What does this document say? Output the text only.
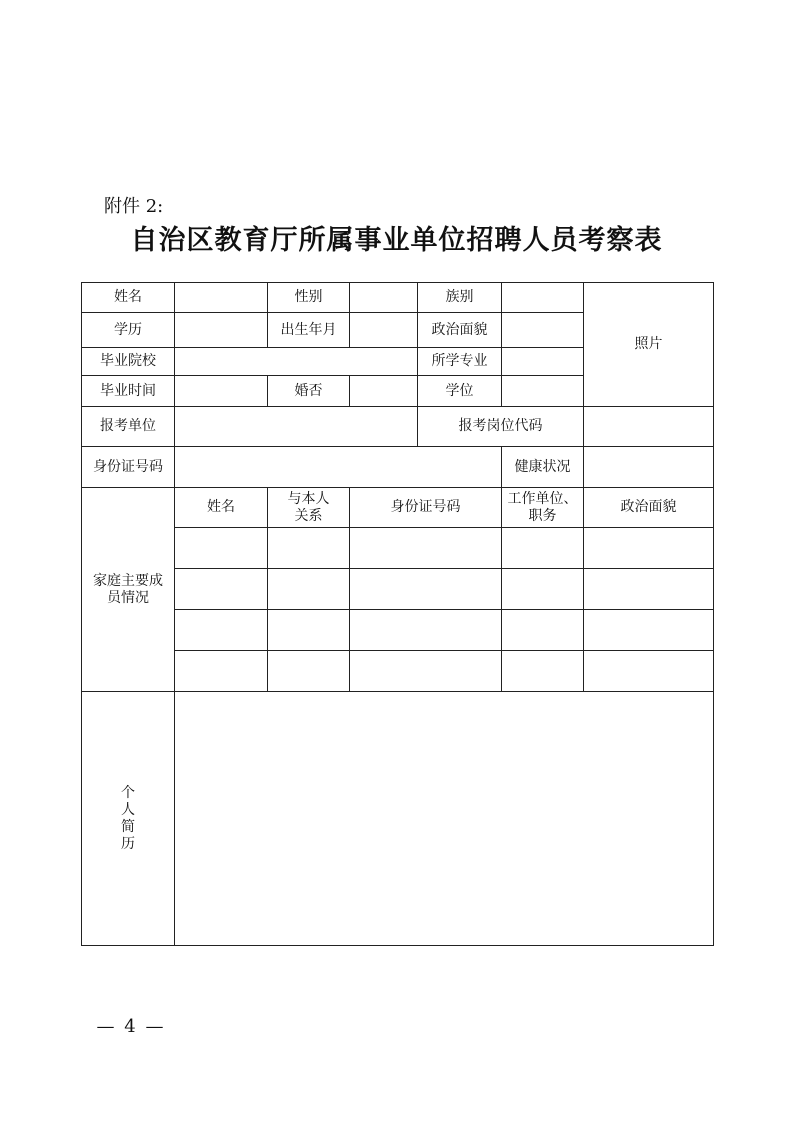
附件 2:
自治区教育厅所属事业单位招聘人员考察表
姓名		性别		族别		照片
学历		出生年月		政治面貌		
毕业院校				所学专业		
毕业时间		婚否		学位		
报考单位				报考岗位代码		
身份证号码					健康状况	

家庭主要成员情况	姓名	与本人关系	身份证号码		工作单位、职务	政治面貌

个
人
简
历						

— 4 —
